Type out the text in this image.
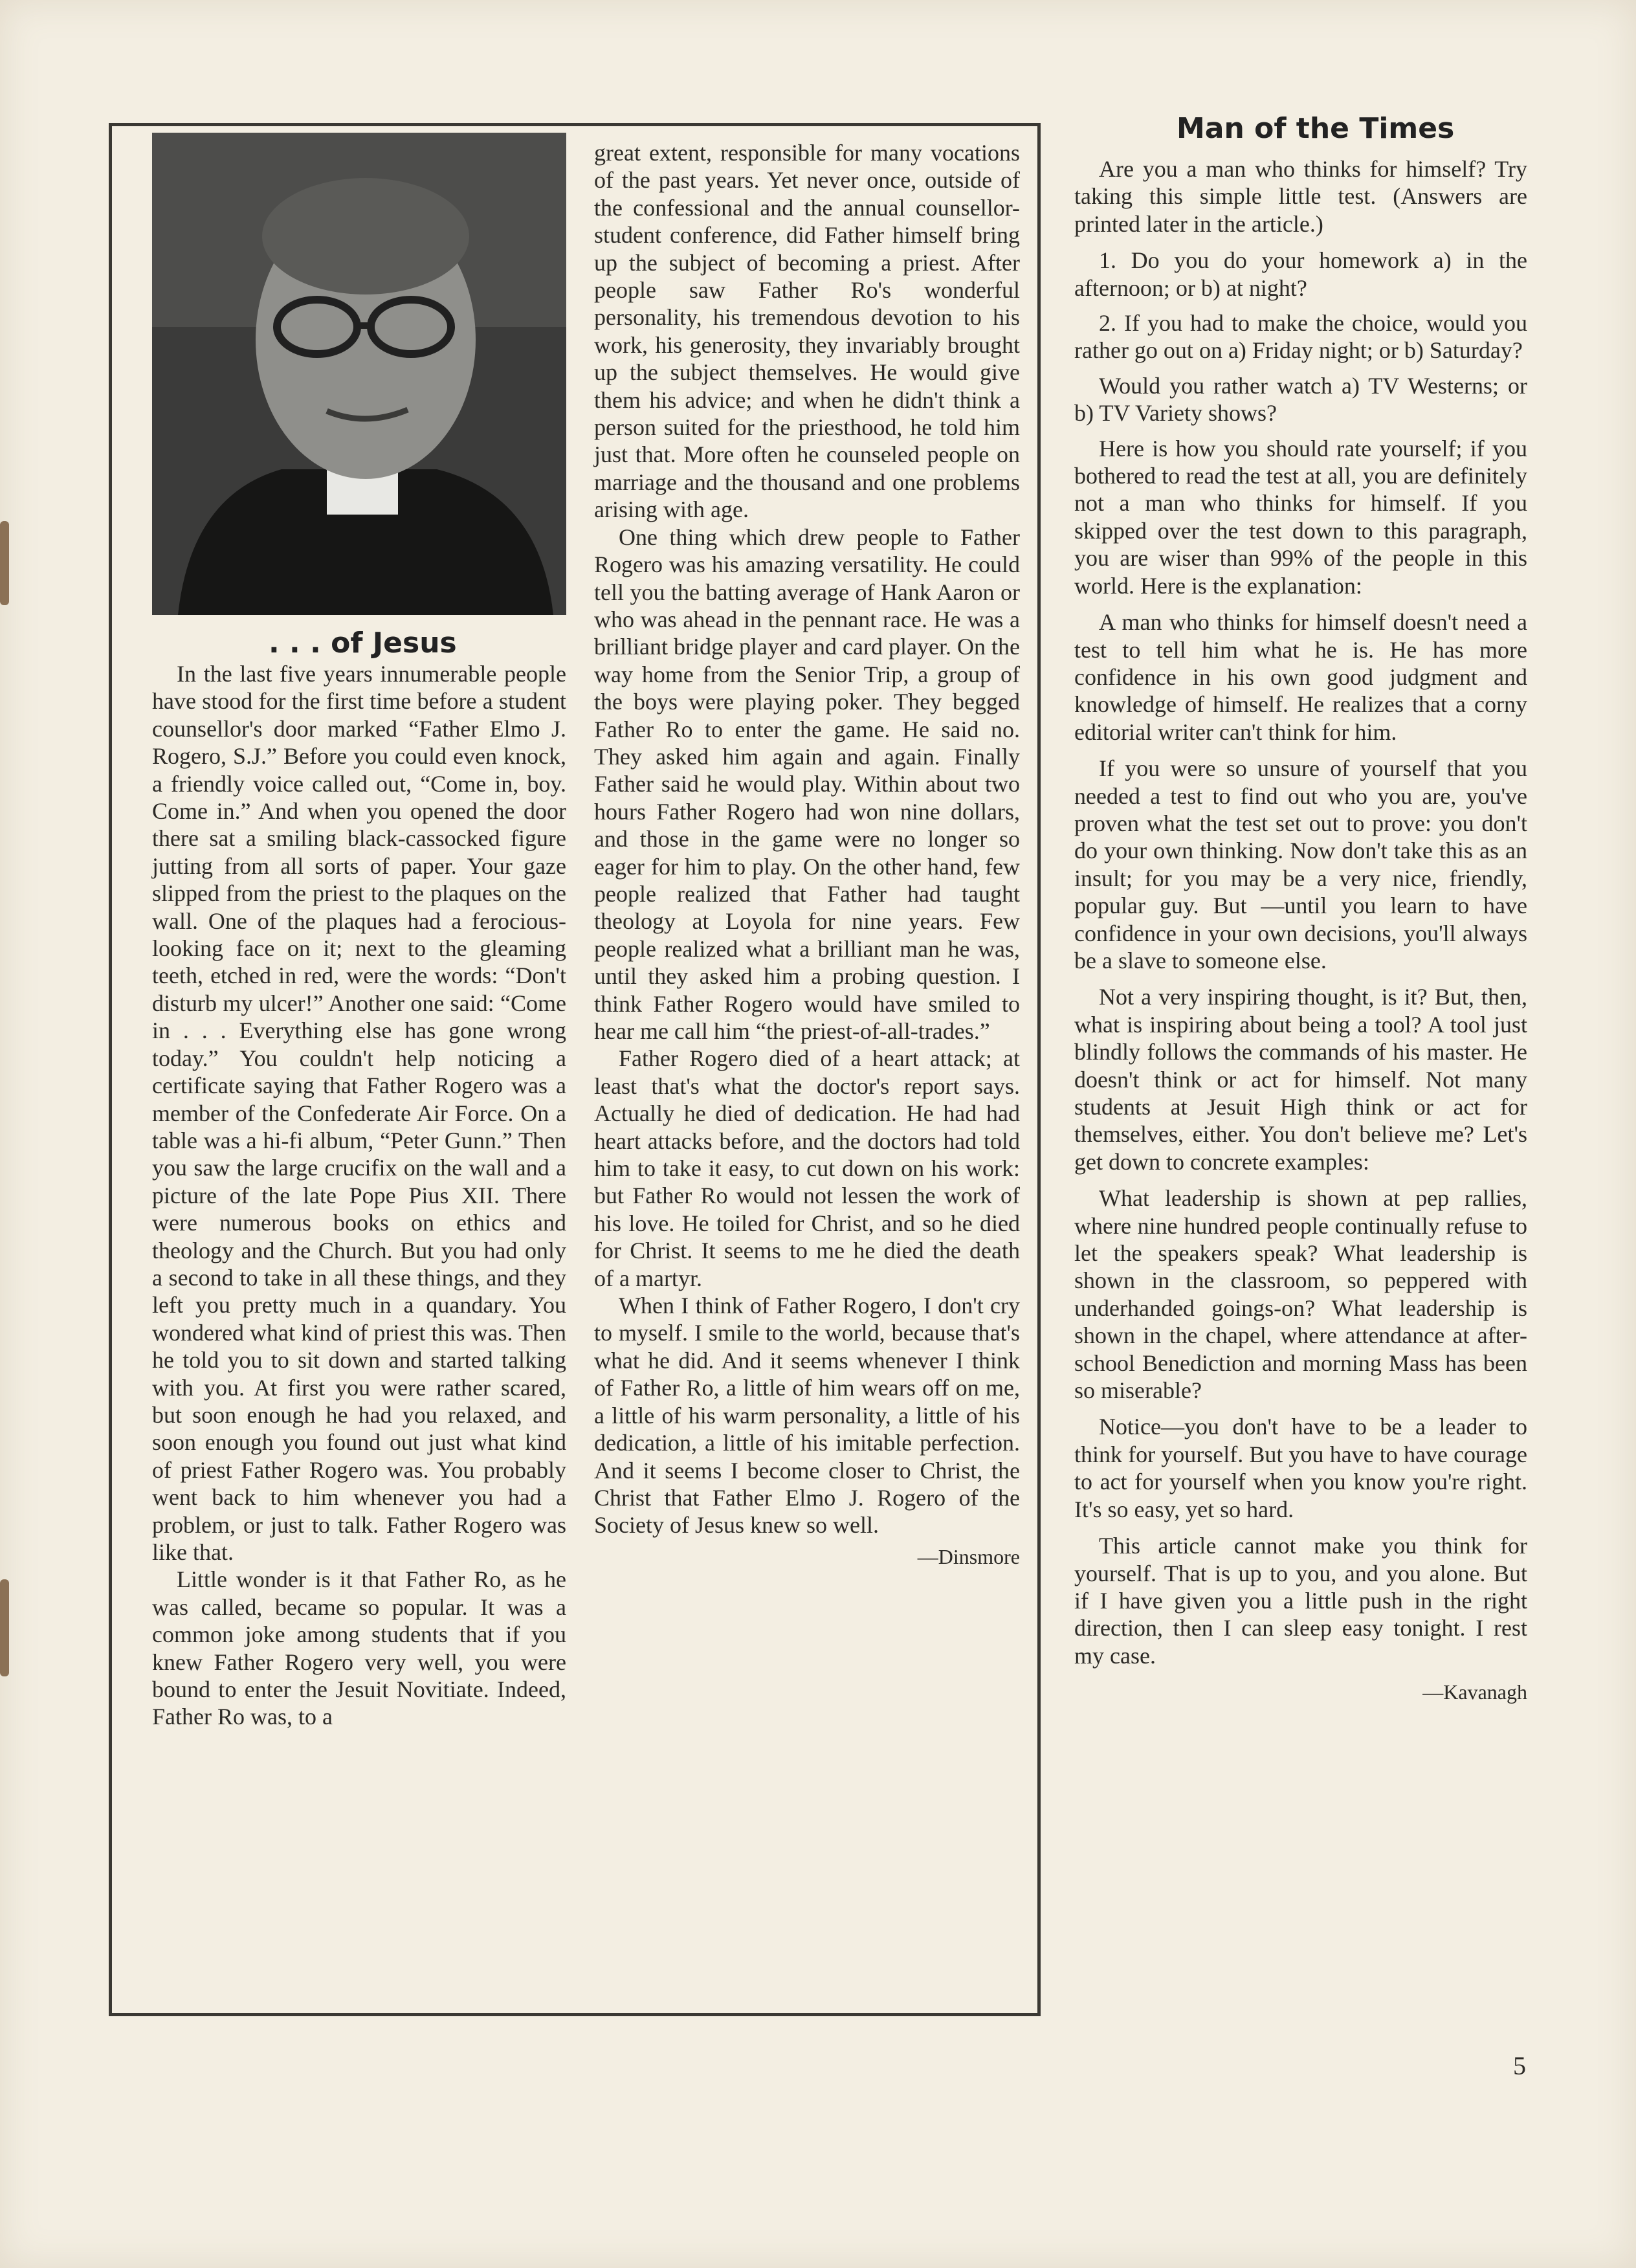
. . . of Jesus

In the last five years innumerable people have stood for the first time before a student counsellor's door marked “Father Elmo J. Rogero, S.J.” Before you could even knock, a friendly voice called out, “Come in, boy. Come in.” And when you opened the door there sat a smiling black-cassocked figure jutting from all sorts of paper. Your gaze slipped from the priest to the plaques on the wall. One of the plaques had a ferocious-looking face on it; next to the gleaming teeth, etched in red, were the words: “Don't disturb my ulcer!” Another one said: “Come in . . . Everything else has gone wrong today.” You couldn't help noticing a certificate saying that Father Rogero was a member of the Confederate Air Force. On a table was a hi-fi album, “Peter Gunn.” Then you saw the large crucifix on the wall and a picture of the late Pope Pius XII. There were numerous books on ethics and theology and the Church. But you had only a second to take in all these things, and they left you pretty much in a quandary. You wondered what kind of priest this was. Then he told you to sit down and started talking with you. At first you were rather scared, but soon enough he had you relaxed, and soon enough you found out just what kind of priest Father Rogero was. You probably went back to him whenever you had a problem, or just to talk. Father Rogero was like that.

Little wonder is it that Father Ro, as he was called, became so popular. It was a common joke among students that if you knew Father Rogero very well, you were bound to enter the Jesuit Novitiate. Indeed, Father Ro was, to a

great extent, responsible for many vocations of the past years. Yet never once, outside of the confessional and the annual counsellor-student conference, did Father himself bring up the subject of becoming a priest. After people saw Father Ro's wonderful personality, his tremendous devotion to his work, his generosity, they invariably brought up the subject themselves. He would give them his advice; and when he didn't think a person suited for the priesthood, he told him just that. More often he counseled people on marriage and the thousand and one problems arising with age.

One thing which drew people to Father Rogero was his amazing versatility. He could tell you the batting average of Hank Aaron or who was ahead in the pennant race. He was a brilliant bridge player and card player. On the way home from the Senior Trip, a group of the boys were playing poker. They begged Father Ro to enter the game. He said no. They asked him again and again. Finally Father said he would play. Within about two hours Father Rogero had won nine dollars, and those in the game were no longer so eager for him to play. On the other hand, few people realized that Father had taught theology at Loyola for nine years. Few people realized what a brilliant man he was, until they asked him a probing question. I think Father Rogero would have smiled to hear me call him “the priest-of-all-trades.”

Father Rogero died of a heart attack; at least that's what the doctor's report says. Actually he died of dedication. He had had heart attacks before, and the doctors had told him to take it easy, to cut down on his work: but Father Ro would not lessen the work of his love. He toiled for Christ, and so he died for Christ. It seems to me he died the death of a martyr.

When I think of Father Rogero, I don't cry to myself. I smile to the world, because that's what he did. And it seems whenever I think of Father Ro, a little of him wears off on me, a little of his warm personality, a little of his dedication, a little of his imitable perfection. And it seems I become closer to Christ, the Christ that Father Elmo J. Rogero of the Society of Jesus knew so well.

—Dinsmore
Man of the Times

Are you a man who thinks for himself? Try taking this simple little test. (Answers are printed later in the article.)

1. Do you do your homework a) in the afternoon; or b) at night?

2. If you had to make the choice, would you rather go out on a) Friday night; or b) Saturday?

Would you rather watch a) TV Westerns; or b) TV Variety shows?

Here is how you should rate yourself; if you bothered to read the test at all, you are definitely not a man who thinks for himself. If you skipped over the test down to this paragraph, you are wiser than 99% of the people in this world. Here is the explanation:

A man who thinks for himself doesn't need a test to tell him what he is. He has more confidence in his own good judgment and knowledge of himself. He realizes that a corny editorial writer can't think for him.

If you were so unsure of yourself that you needed a test to find out who you are, you've proven what the test set out to prove: you don't do your own thinking. Now don't take this as an insult; for you may be a very nice, friendly, popular guy. But —until you learn to have confidence in your own decisions, you'll always be a slave to someone else.

Not a very inspiring thought, is it? But, then, what is inspiring about being a tool? A tool just blindly follows the commands of his master. He doesn't think or act for himself. Not many students at Jesuit High think or act for themselves, either. You don't believe me? Let's get down to concrete examples:

What leadership is shown at pep rallies, where nine hundred people continually refuse to let the speakers speak? What leadership is shown in the classroom, so peppered with underhanded goings-on? What leadership is shown in the chapel, where attendance at after-school Benediction and morning Mass has been so miserable?

Notice—you don't have to be a leader to think for yourself. But you have to have courage to act for yourself when you know you're right. It's so easy, yet so hard.

This article cannot make you think for yourself. That is up to you, and you alone. But if I have given you a little push in the right direction, then I can sleep easy tonight. I rest my case.

—Kavanagh
5
